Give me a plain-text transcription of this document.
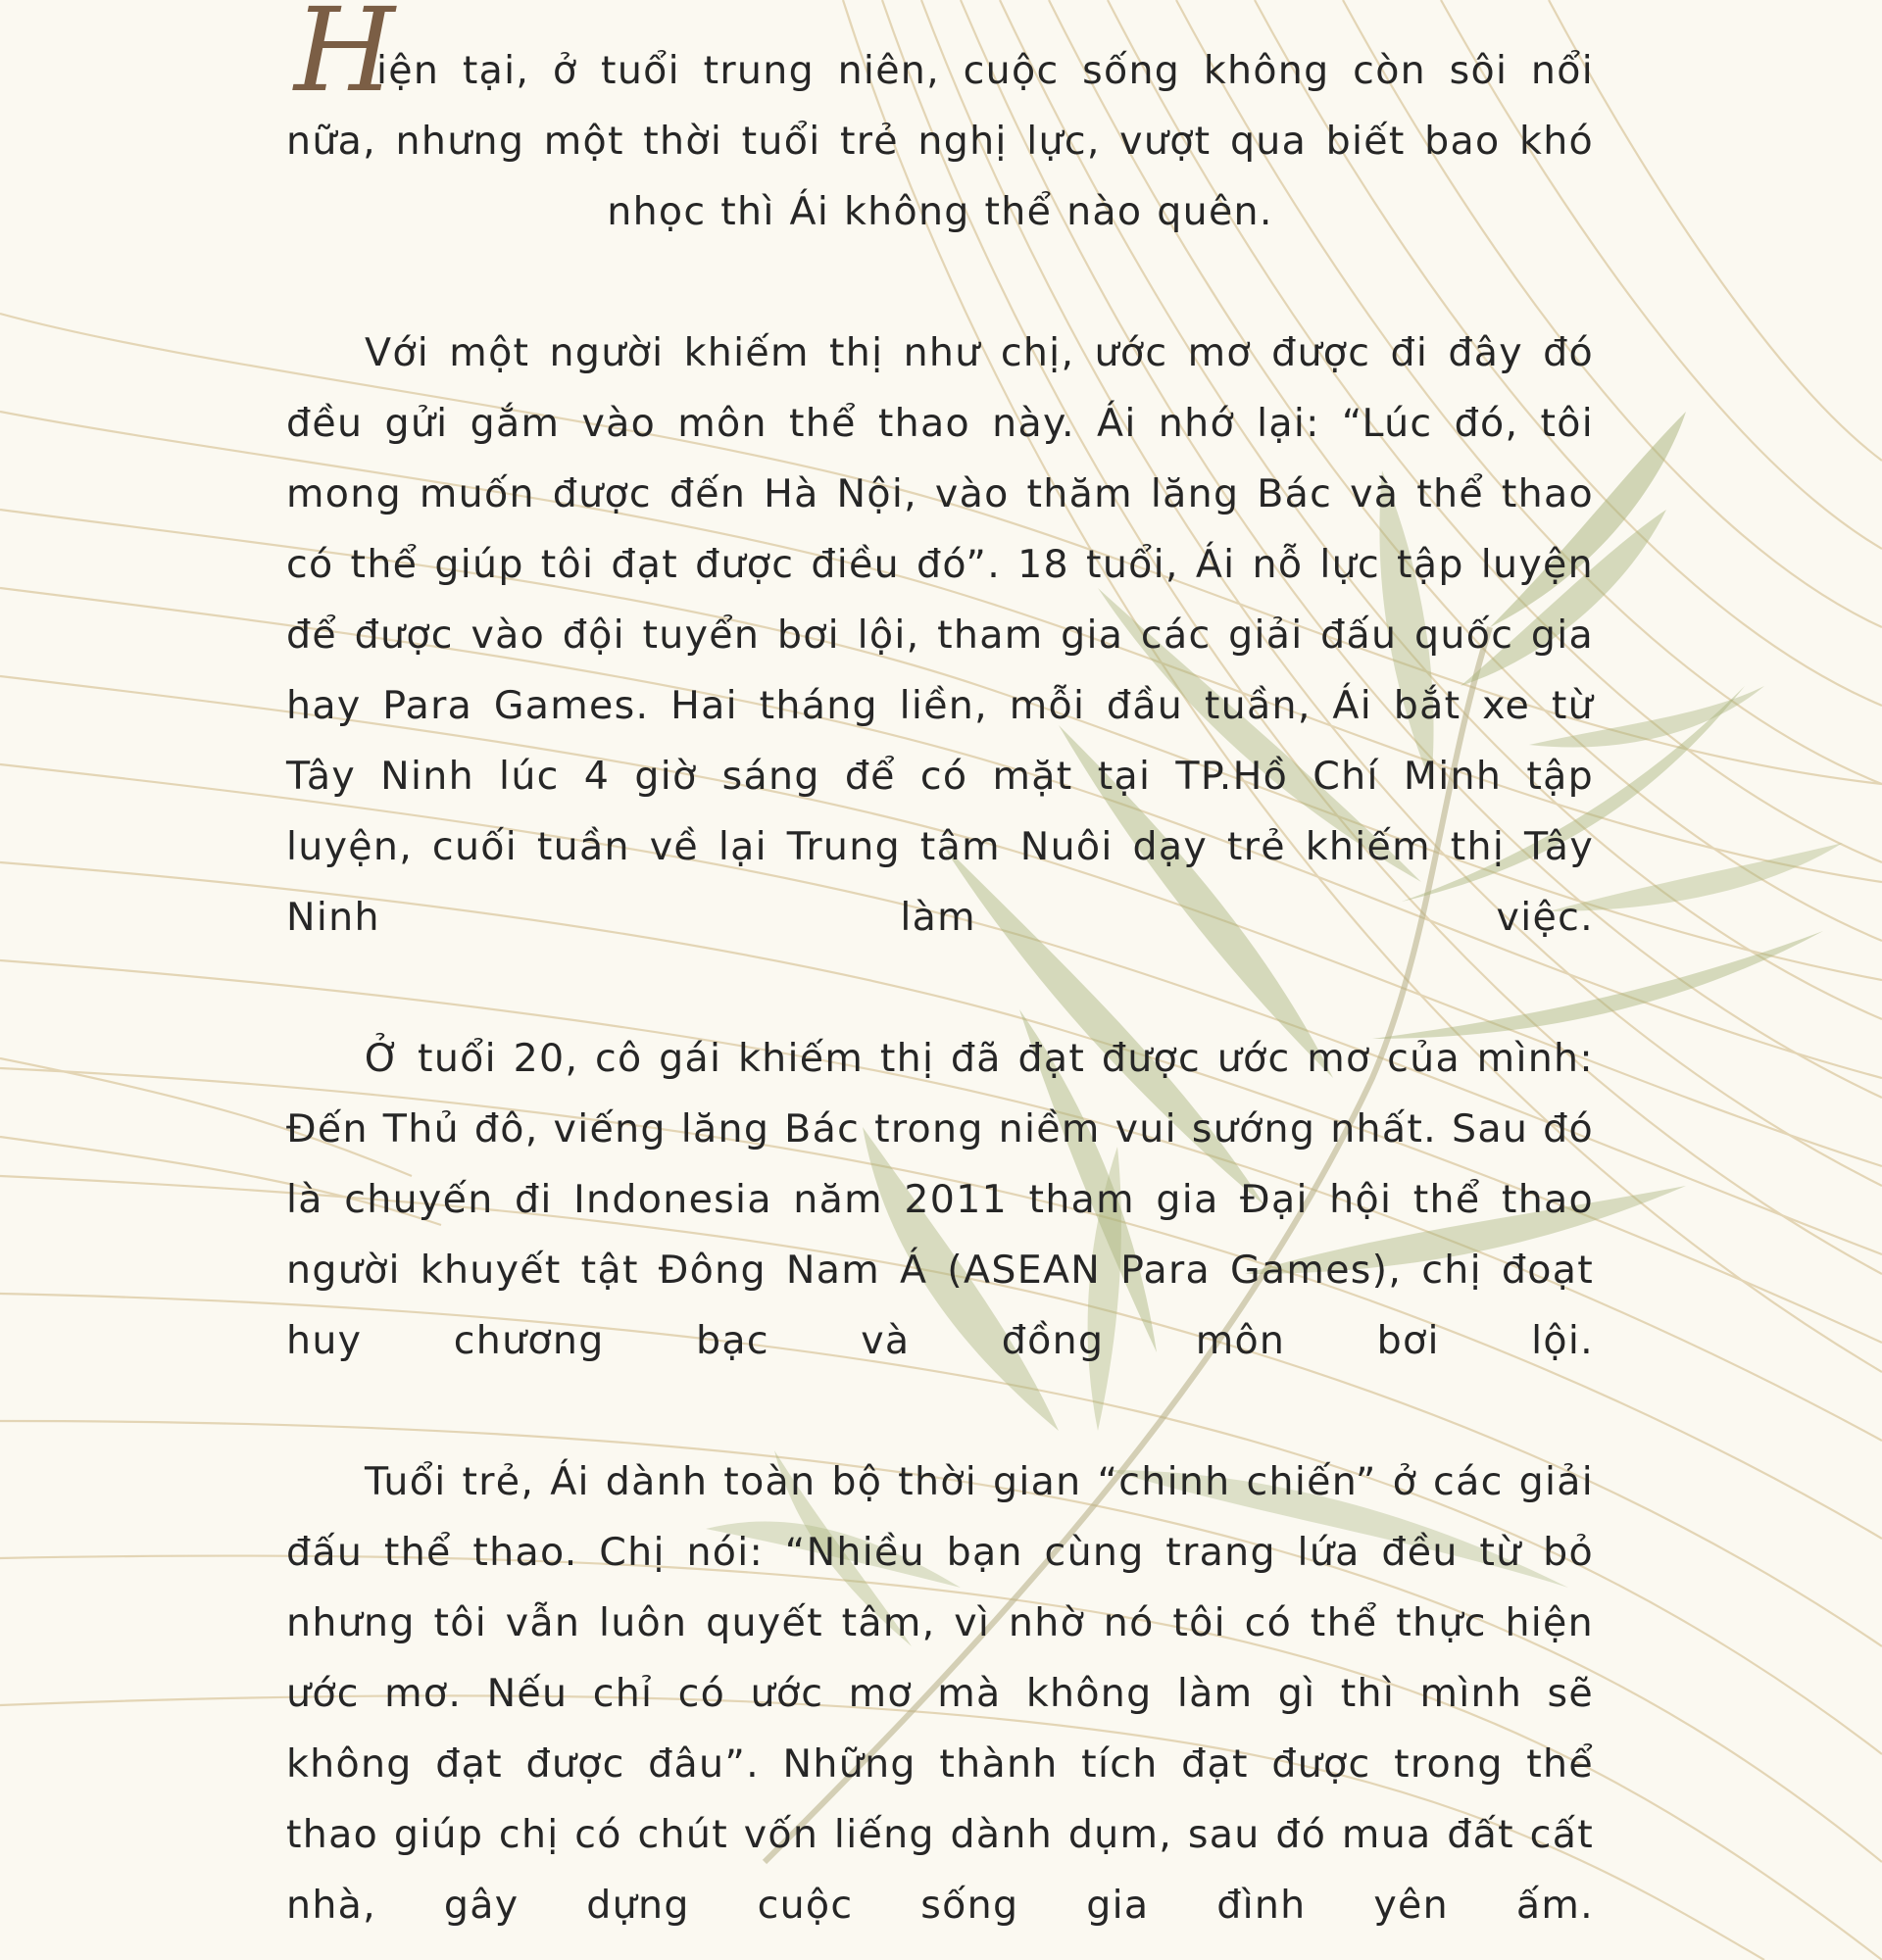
H

iện tại, ở tuổi trung niên, cuộc sống không còn sôi nổi nữa, nhưng một thời tuổi trẻ nghị lực, vượt qua biết bao khó nhọc thì Ái không thể nào quên.

Với một người khiếm thị như chị, ước mơ được đi đây đó đều gửi gắm vào môn thể thao này. Ái nhớ lại: “Lúc đó, tôi mong muốn được đến Hà Nội, vào thăm lăng Bác và thể thao có thể giúp tôi đạt được điều đó”. 18 tuổi, Ái nỗ lực tập luyện để được vào đội tuyển bơi lội, tham gia các giải đấu quốc gia hay Para Games. Hai tháng liền, mỗi đầu tuần, Ái bắt xe từ Tây Ninh lúc 4 giờ sáng để có mặt tại TP.Hồ Chí Minh tập luyện, cuối tuần về lại Trung tâm Nuôi dạy trẻ khiếm thị Tây Ninh làm việc.

Ở tuổi 20, cô gái khiếm thị đã đạt được ước mơ của mình: Đến Thủ đô, viếng lăng Bác trong niềm vui sướng nhất. Sau đó là chuyến đi Indonesia năm 2011 tham gia Đại hội thể thao người khuyết tật Đông Nam Á (ASEAN Para Games), chị đoạt huy chương bạc và đồng môn bơi lội.

Tuổi trẻ, Ái dành toàn bộ thời gian “chinh chiến” ở các giải đấu thể thao. Chị nói: “Nhiều bạn cùng trang lứa đều từ bỏ nhưng tôi vẫn luôn quyết tâm, vì nhờ nó tôi có thể thực hiện ước mơ. Nếu chỉ có ước mơ mà không làm gì thì mình sẽ không đạt được đâu”. Những thành tích đạt được trong thể thao giúp chị có chút vốn liếng dành dụm, sau đó mua đất cất nhà, gây dựng cuộc sống gia đình yên ấm.
